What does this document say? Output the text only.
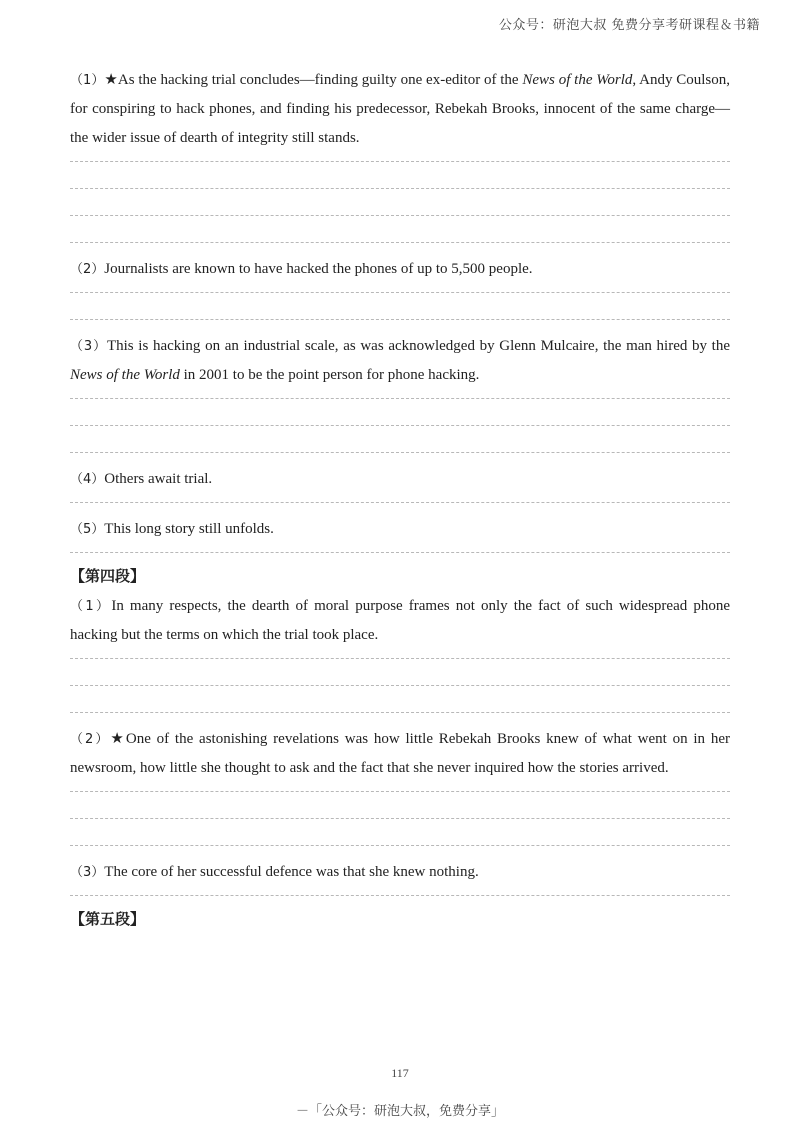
公众号：研泡大叔 免费分享考研课程＆书籍

（1）★As the hacking trial concludes—finding guilty one ex-editor of the News of the World, Andy Coulson, for conspiring to hack phones, and finding his predecessor, Rebekah Brooks, innocent of the same charge—the wider issue of dearth of integrity still stands.

（2）Journalists are known to have hacked the phones of up to 5,500 people.

（3）This is hacking on an industrial scale, as was acknowledged by Glenn Mulcaire, the man hired by the News of the World in 2001 to be the point person for phone hacking.

（4）Others await trial.

（5）This long story still unfolds.

【第四段】

（1）In many respects, the dearth of moral purpose frames not only the fact of such widespread phone hacking but the terms on which the trial took place.

（2）★One of the astonishing revelations was how little Rebekah Brooks knew of what went on in her newsroom, how little she thought to ask and the fact that she never inquired how the stories arrived.

（3）The core of her successful defence was that she knew nothing.

【第五段】
117
－「公众号：研泡大叔，免费分享」
